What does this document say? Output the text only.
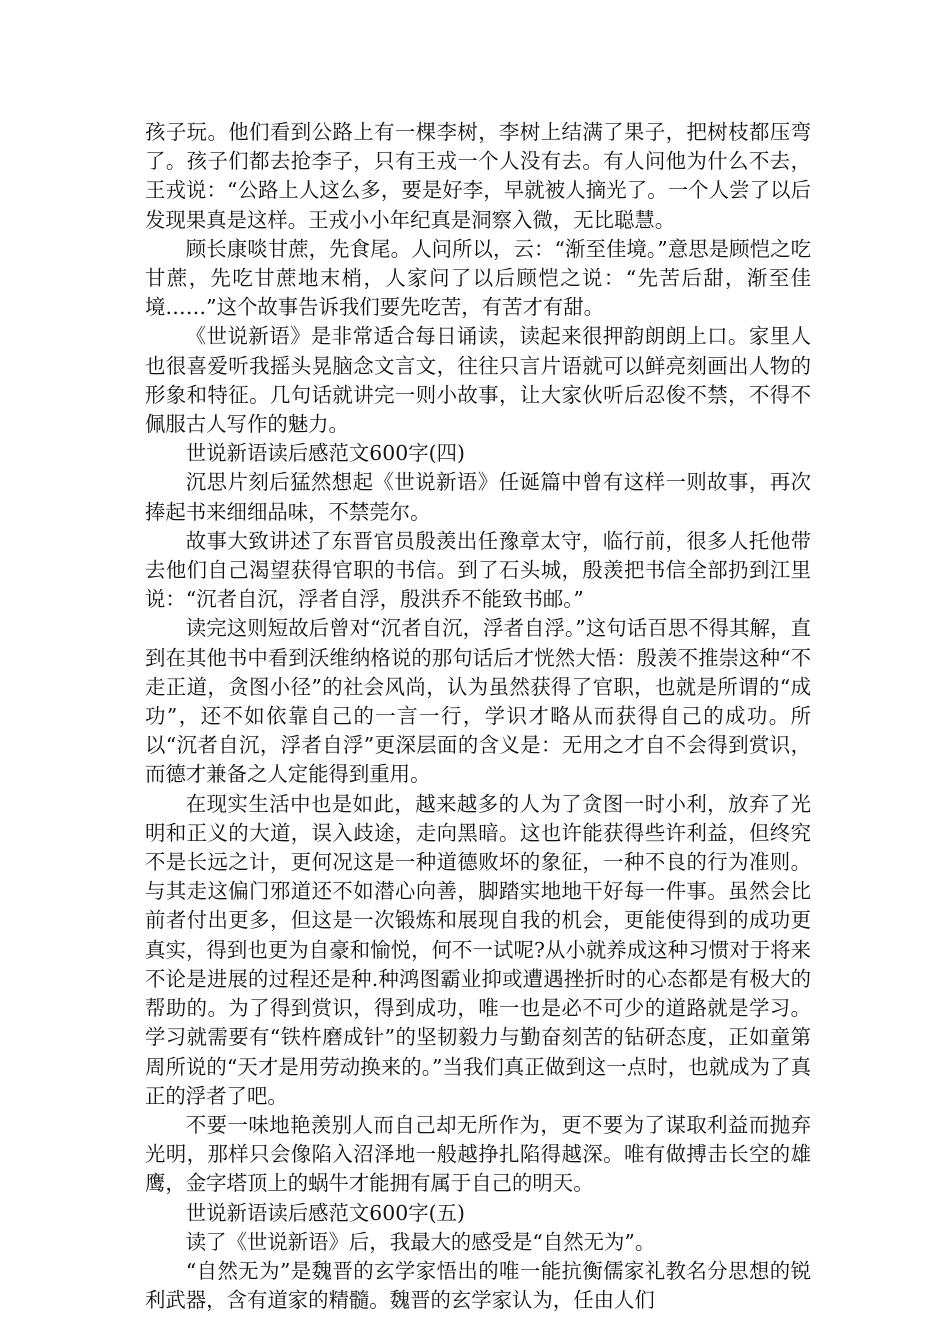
孩子玩。他们看到公路上有一棵李树，李树上结满了果子，把树枝都压弯了。孩子们都去抢李子，只有王戎一个人没有去。有人问他为什么不去，王戎说：“公路上人这么多，要是好李，早就被人摘光了。一个人尝了以后发现果真是这样。王戎小小年纪真是洞察入微，无比聪慧。

顾长康啖甘蔗，先食尾。人问所以，云：“渐至佳境。”意思是顾恺之吃甘蔗，先吃甘蔗地末梢，人家问了以后顾恺之说：“先苦后甜，渐至佳境……”这个故事告诉我们要先吃苦，有苦才有甜。

《世说新语》是非常适合每日诵读，读起来很押韵朗朗上口。家里人也很喜爱听我摇头晃脑念文言文，往往只言片语就可以鲜亮刻画出人物的形象和特征。几句话就讲完一则小故事，让大家伙听后忍俊不禁，不得不佩服古人写作的魅力。

世说新语读后感范文600字(四)

沉思片刻后猛然想起《世说新语》任诞篇中曾有这样一则故事，再次捧起书来细细品味，不禁莞尔。

故事大致讲述了东晋官员殷羡出任豫章太守，临行前，很多人托他带去他们自己渴望获得官职的书信。到了石头城，殷羡把书信全部扔到江里说：“沉者自沉，浮者自浮，殷洪乔不能致书邮。”

读完这则短故后曾对“沉者自沉，浮者自浮。”这句话百思不得其解，直到在其他书中看到沃维纳格说的那句话后才恍然大悟：殷羡不推崇这种“不走正道，贪图小径”的社会风尚，认为虽然获得了官职，也就是所谓的“成功”，还不如依靠自己的一言一行，学识才略从而获得自己的成功。所以“沉者自沉，浮者自浮”更深层面的含义是：无用之才自不会得到赏识，而德才兼备之人定能得到重用。

在现实生活中也是如此，越来越多的人为了贪图一时小利，放弃了光明和正义的大道，误入歧途，走向黑暗。这也许能获得些许利益，但终究不是长远之计，更何况这是一种道德败坏的象征，一种不良的行为准则。与其走这偏门邪道还不如潜心向善，脚踏实地地干好每一件事。虽然会比前者付出更多，但这是一次锻炼和展现自我的机会，更能使得到的成功更真实，得到也更为自豪和愉悦，何不一试呢?从小就养成这种习惯对于将来不论是进展的过程还是种.种鸿图霸业抑或遭遇挫折时的心态都是有极大的帮助的。为了得到赏识，得到成功，唯一也是必不可少的道路就是学习。学习就需要有“铁杵磨成针”的坚韧毅力与勤奋刻苦的钻研态度，正如童第周所说的“天才是用劳动换来的。”当我们真正做到这一点时，也就成为了真正的浮者了吧。

不要一味地艳羡别人而自己却无所作为，更不要为了谋取利益而抛弃光明，那样只会像陷入沼泽地一般越挣扎陷得越深。唯有做搏击长空的雄鹰，金字塔顶上的蜗牛才能拥有属于自己的明天。

世说新语读后感范文600字(五)

读了《世说新语》后，我最大的感受是“自然无为”。

“自然无为”是魏晋的玄学家悟出的唯一能抗衡儒家礼教名分思想的锐利武器，含有道家的精髓。魏晋的玄学家认为，任由人们
